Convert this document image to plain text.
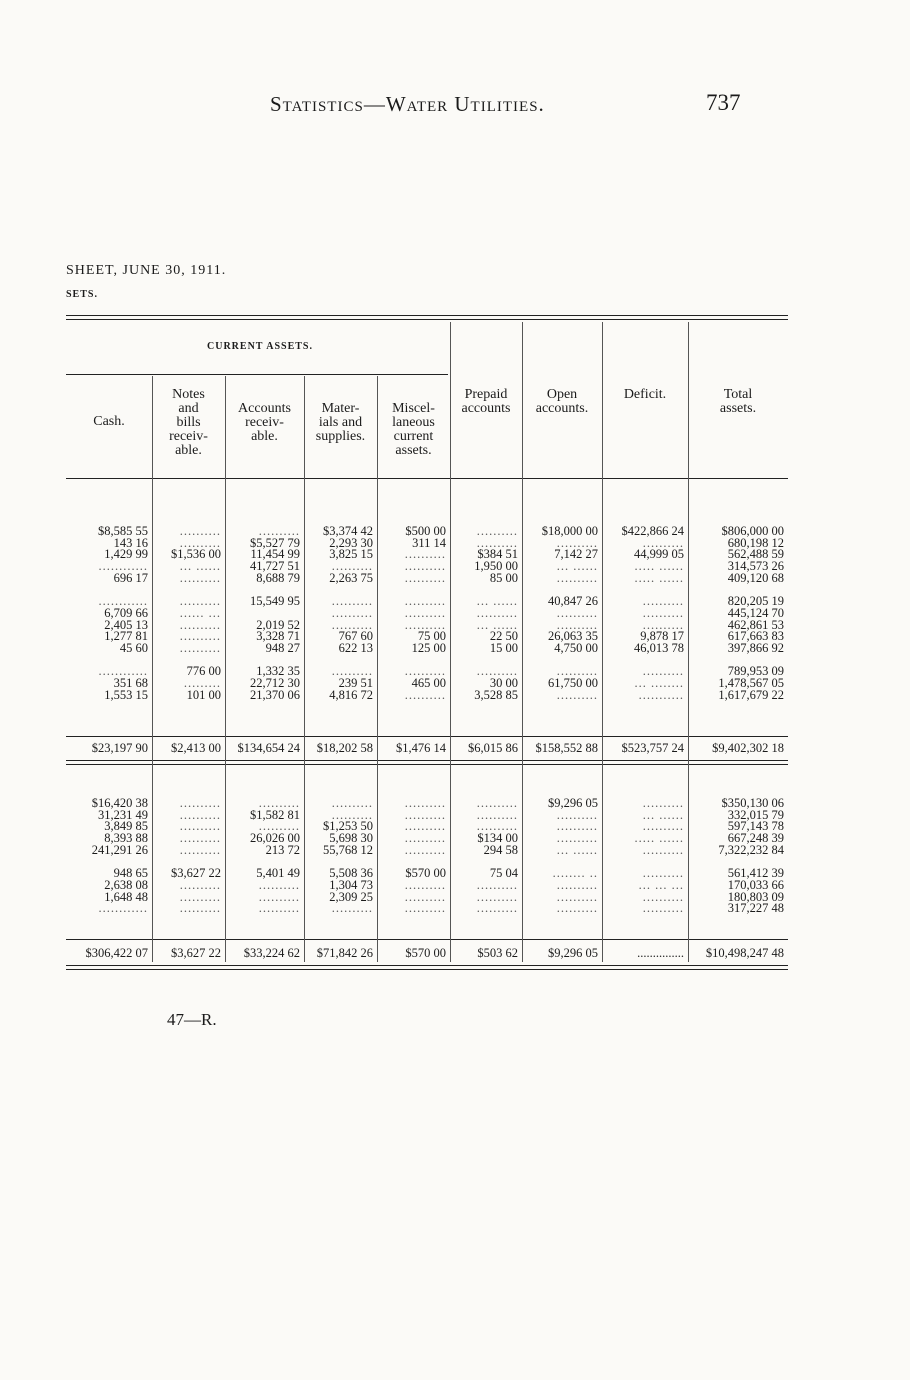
Statistics—Water Utilities.	737
SHEET, JUNE 30, 1911.
SETS.
CURRENT ASSETS.
Cash.
Notes
and
bills
receiv-
able.
Accounts
receiv-
able.
Mater-
ials and
supplies.
Miscel-
laneous
current
assets.
Prepaid
accounts
Open
accounts.
Deficit.	Total
assets.
$8,585 55
143 16
1,429 99
............
696 17
............
6,709 66
2,405 13
1,277 81
45 60
............
351 68
1,553 15
$23,197 90
..........
..........
$1,536 00
... ......
..........
..........
...... ...
..........
..........
..........
776 00
.........
101 00
$2,413 00
..........
$5,527 79
11,454 99
41,727 51
8,688 79
15,549 95
2,019 52
3,328 71
948 27
1,332 35
22,712 30
21,370 06
$134,654 24
$3,374 42
2,293 30
3,825 15
..........
2,263 75
..........
..........
..........
767 60
622 13
..........
239 51
4,816 72
$18,202 58
$500 00
311 14
..........
..........
..........
..........
..........
..........
75 00
125 00
..........
465 00
..........
$1,476 14
..........
..........
$384 51
1,950 00
85 00
... ......
..........
... ......
22 50
15 00
..........
30 00
3,528 85
$6,015 86
$18,000 00
..........
7,142 27
... ......
..........
40,847 26
..........
..........
26,063 35
4,750 00
..........
61,750 00
..........
$158,552 88
$422,866 24
..........
44,999 05
..... ......
..... ......
..........
..........
..........
9,878 17
46,013 78
..........
... ........
...........
$523,757 24
$806,000 00
680,198 12
562,488 59
314,573 26
409,120 68
820,205 19
445,124 70
462,861 53
617,663 83
397,866 92
789,953 09
1,478,567 05
1,617,679 22
$9,402,302 18
$16,420 38
31,231 49
3,849 85
8,393 88
241,291 26
948 65
2,638 08
1,648 48
............
$306,422 07
..........
..........
..........
..........
..........
$3,627 22
..........
..........
..........
$3,627 22
..........
$1,582 81
..........
26,026 00
213 72
5,401 49
..........
..........
..........
$33,224 62
..........
..........
$1,253 50
5,698 30
55,768 12
5,508 36
1,304 73
2,309 25
..........
$71,842 26
..........
..........
..........
..........
..........
$570 00
..........
..........
..........
$570 00
..........
..........
..........
$134 00
294 58
75 04
..........
..........
..........
$503 62
$9,296 05
..........
..........
..........
... ......
........ ..
..........
..........
..........
$9,296 05
..........
... ......
..........
..... ......
..........
..........
... ... ...
..........
..........
...............
$350,130 06
332,015 79
597,143 78
667,248 39
7,322,232 84
561,412 39
170,033 66
180,803 09
317,227 48
$10,498,247 48
47—R.
